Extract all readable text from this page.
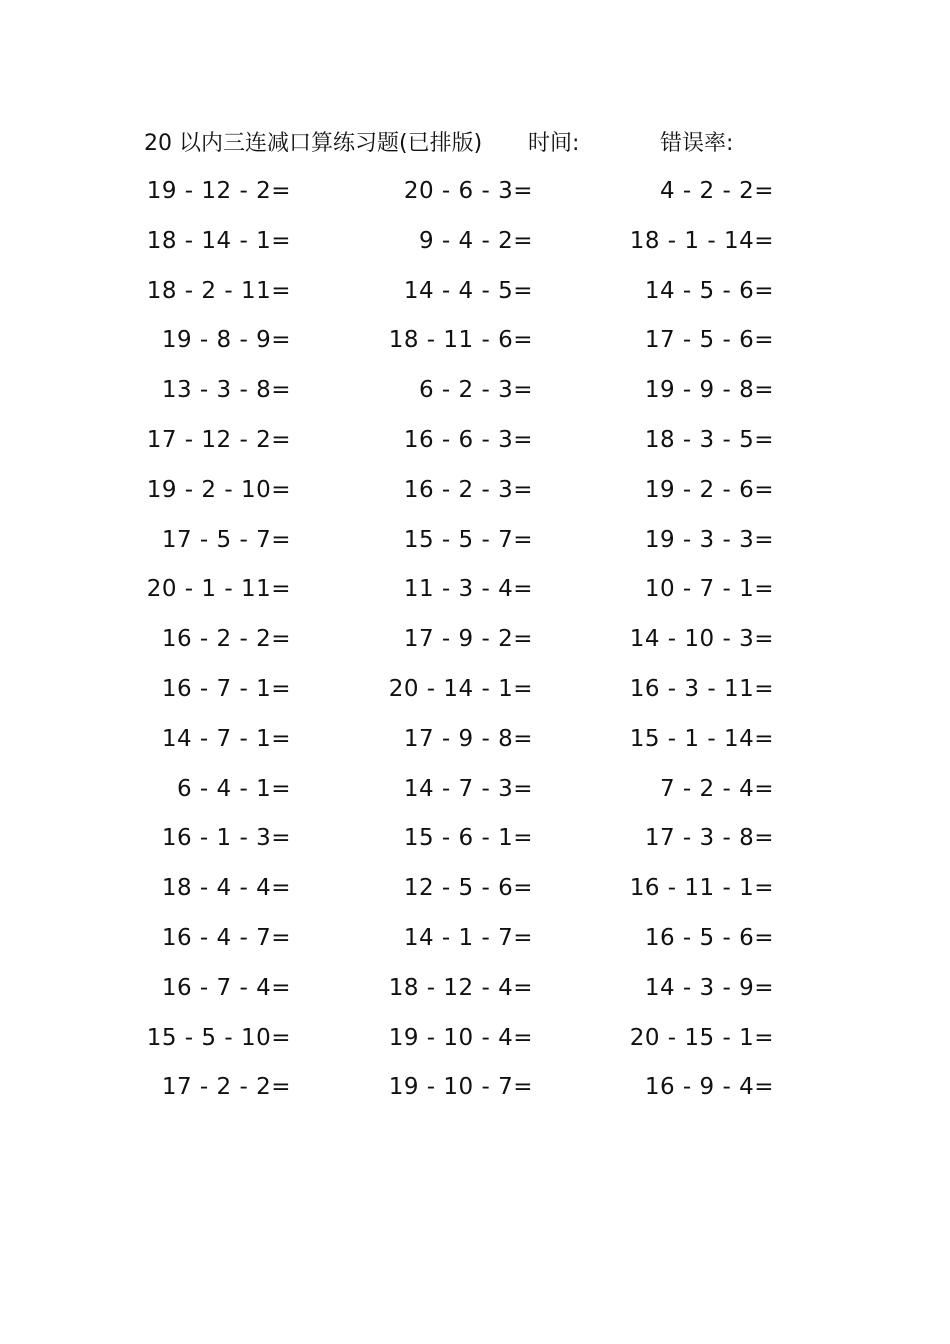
20 以内三连减口算练习题(已排版) 时间:	错误率:
19 - 12 - 2=	20 - 6 - 3=	4 - 2 - 2=
18 - 14 - 1=	9 - 4 - 2=	18 - 1 - 14=
18 - 2 - 11=	14 - 4 - 5=	14 - 5 - 6=
19 - 8 - 9=	18 - 11 - 6=	17 - 5 - 6=
13 - 3 - 8=	6 - 2 - 3=	19 - 9 - 8=
17 - 12 - 2=	16 - 6 - 3=	18 - 3 - 5=
19 - 2 - 10=	16 - 2 - 3=	19 - 2 - 6=
17 - 5 - 7=	15 - 5 - 7=	19 - 3 - 3=
20 - 1 - 11=	11 - 3 - 4=	10 - 7 - 1=
16 - 2 - 2=	17 - 9 - 2=	14 - 10 - 3=
16 - 7 - 1=	20 - 14 - 1=	16 - 3 - 11=
14 - 7 - 1=	17 - 9 - 8=	15 - 1 - 14=
6 - 4 - 1=	14 - 7 - 3=	7 - 2 - 4=
16 - 1 - 3=	15 - 6 - 1=	17 - 3 - 8=
18 - 4 - 4=	12 - 5 - 6=	16 - 11 - 1=
16 - 4 - 7=	14 - 1 - 7=	16 - 5 - 6=
16 - 7 - 4=	18 - 12 - 4=	14 - 3 - 9=
15 - 5 - 10=	19 - 10 - 4=	20 - 15 - 1=
17 - 2 - 2=	19 - 10 - 7=	16 - 9 - 4=
